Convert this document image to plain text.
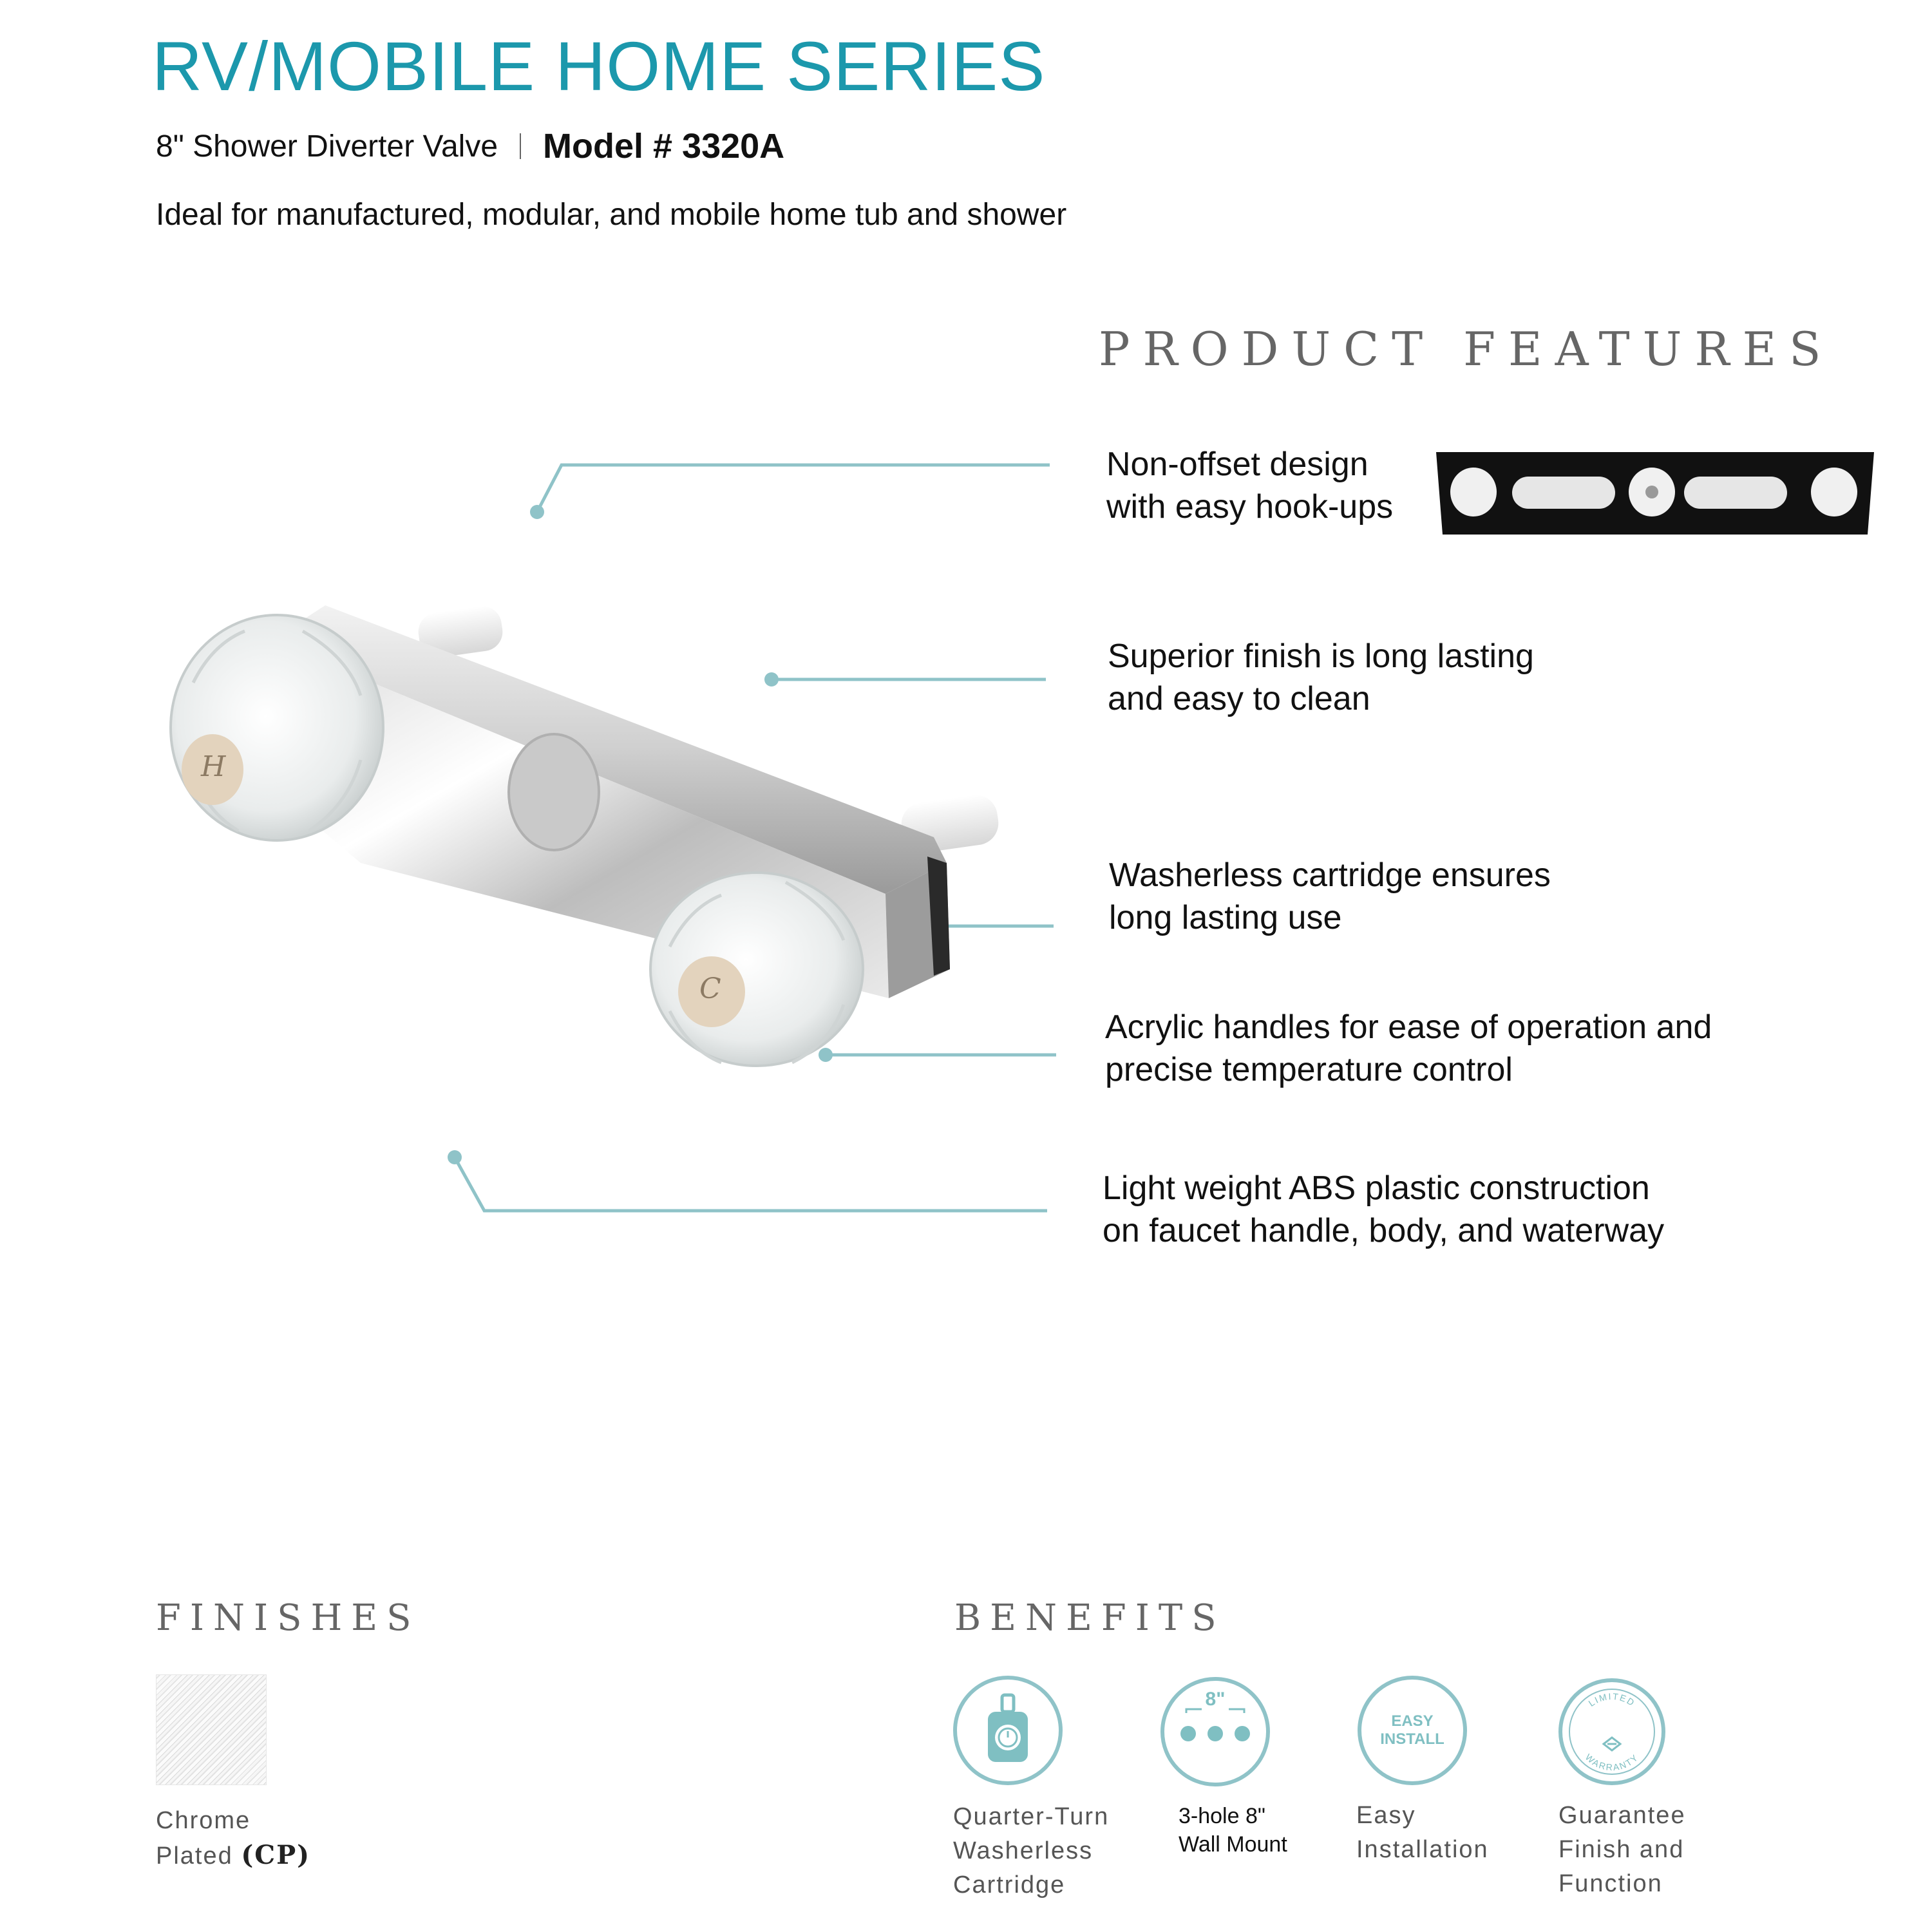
RV/MOBILE HOME SERIES
8" Shower Diverter Valve Model # 3320A
Ideal for manufactured, modular, and mobile home tub and shower
PRODUCT FEATURES
H
C
Non-offset design
with easy hook-ups
Superior finish is long lasting
and easy to clean
Washerless cartridge ensures
long lasting use
Acrylic handles for ease of operation and
precise temperature control
Light weight ABS plastic construction
on faucet handle, body, and waterway
FINISHES
Chrome
Plated (CP)
BENEFITS
Quarter-Turn
Washerless
Cartridge
8"
3-hole 8"
Wall Mount
EASY
INSTALL
Easy
Installation
LIMITED
WARRANTY
Guarantee
Finish and
Function
